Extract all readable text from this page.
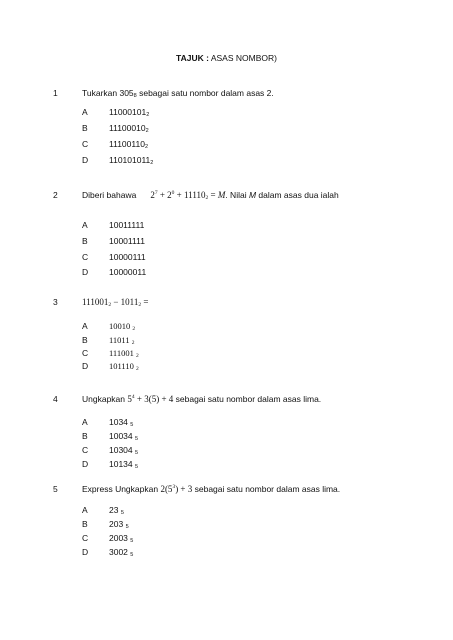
TAJUK : ASAS NOMBOR)
1	Tukarkan $305_8$ sebagai satu nombor dalam asas 2.
A	$11000101_2$
B	$11100010_2$
C $11100110_2$
D $110101011_2$
2	Diberi bahawa $2^7 + 2^0 + 11110_2 = M$. Nilai M dalam asas dua ialah
A	10011111
B	10001111
C 10000111
D 10000011
3	$111001_2 - 1011_2$ =
A	10010 $_2$
B	11011 $_2$
C 111001 $_2$
D 101110 $_2$
4	Ungkapkan $5^4 + 3(5) + 4$ sebagai satu nombor dalam asas lima.
A	1034 $_5$
B	10034 $_5$
C 10304 $_5$
D 10134 $_5$
5	Express Ungkapkan $2(5^3) + 3$ sebagai satu nombor dalam asas lima.
A	23 $_5$
B	203 $_5$
C 2003 $_5$
D 3002 $_5$
